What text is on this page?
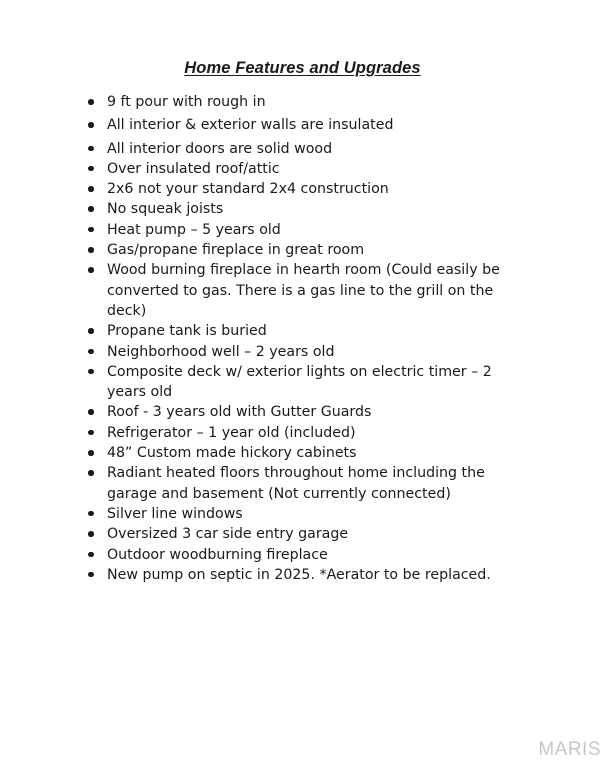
Home Features and Upgrades
9 ft pour with rough in
All interior & exterior walls are insulated
All interior doors are solid wood
Over insulated roof/attic
2x6 not your standard 2x4 construction
No squeak joists
Heat pump – 5 years old
Gas/propane fireplace in great room
Wood burning fireplace in hearth room (Could easily be converted to gas. There is a gas line to the grill on the deck)
Propane tank is buried
Neighborhood well – 2 years old
Composite deck w/ exterior lights on electric timer – 2 years old
Roof - 3 years old with Gutter Guards
Refrigerator – 1 year old (included)
48” Custom made hickory cabinets
Radiant heated floors throughout home including the garage and basement (Not currently connected)
Silver line windows
Oversized 3 car side entry garage
Outdoor woodburning fireplace
New pump on septic in 2025. *Aerator to be replaced.
MARIS
